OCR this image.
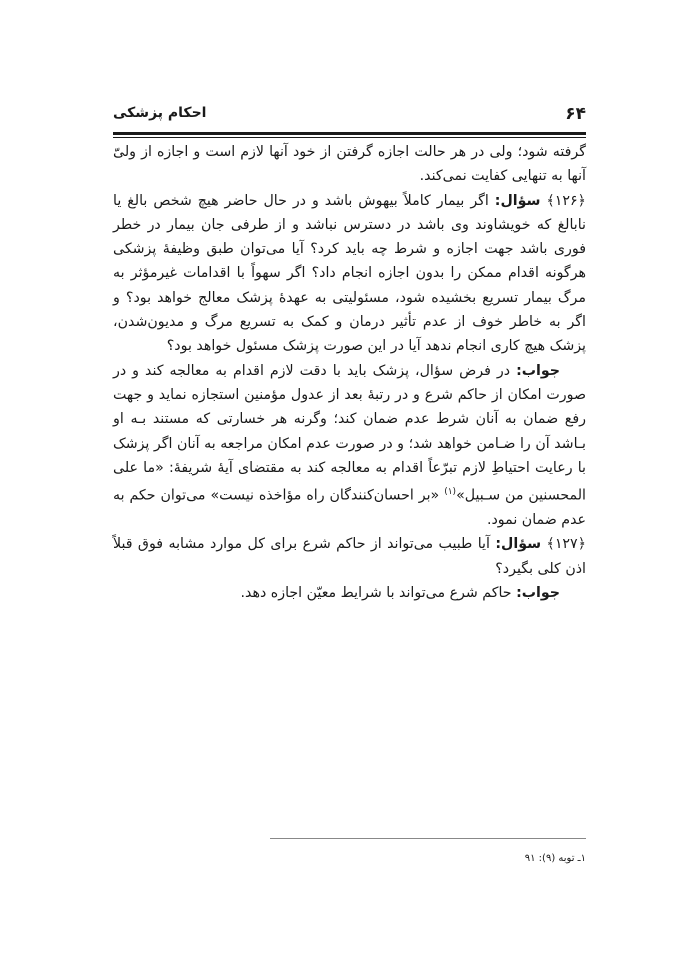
۶۴
احکام پزشکی

گرفته شود؛ ولی در هر حالت اجازه گرفتن از خود آنها لازم است و اجازه از ولیّ آنها به تنهایی کفایت نمی‌کند.

﴿۱۲۶﴾ سؤال: اگر بیمار کاملاً بیهوش باشد و در حال حاضر هیچ شخص بالغ یا نابالغ که خویشاوند وی باشد در دسترس نباشد و از طرفی جان بیمار در خطر فوری باشد جهت اجازه و شرط چه باید کرد؟ آیا می‌توان طبق وظیفهٔ پزشکی هرگونه اقدام ممکن را بدون اجازه انجام داد؟ اگر سهواً با اقدامات غیرمؤثر به مرگ بیمار تسریع بخشیده شود، مسئولیتی به عهدهٔ پزشک معالج خواهد بود؟ و اگر به خاطر خوف از عدم تأثیر درمان و کمک به تسریع مرگ و مدیون‌شدن، پزشک هیچ کاری انجام ندهد آیا در این صورت پزشک مسئول خواهد بود؟

جواب: در فرض سؤال، پزشک باید با دقت لازم اقدام به معالجه کند و در صورت امکان از حاکم شرع و در رتبهٔ بعد از عدول مؤمنین استجازه نماید و جهت رفع ضمان به آنان شرط عدم ضمان کند؛ وگرنه هر خسارتی که مستند بـه او بـاشد آن را ضـامن خواهد شد؛ و در صورت عدم امکان مراجعه به آنان اگر پزشک با رعایت احتیاطِ لازم تبرّعاً اقدام به معالجه کند به مقتضای آیهٔ شریفهٔ: «ما علی المحسنین من سـبیل»$^{(۱)}$ «بر احسان‌کنندگان راه مؤاخذه نیست» می‌توان حکم به عدم ضمان نمود.

﴿۱۲۷﴾ سؤال: آیا طبیب می‌تواند از حاکم شرع برای کل موارد مشابه فوق قبلاً اذن کلی بگیرد؟

جواب: حاکم شرع می‌تواند با شرایط معیّن اجازه دهد.

۱ـ توبه (۹): ۹۱
